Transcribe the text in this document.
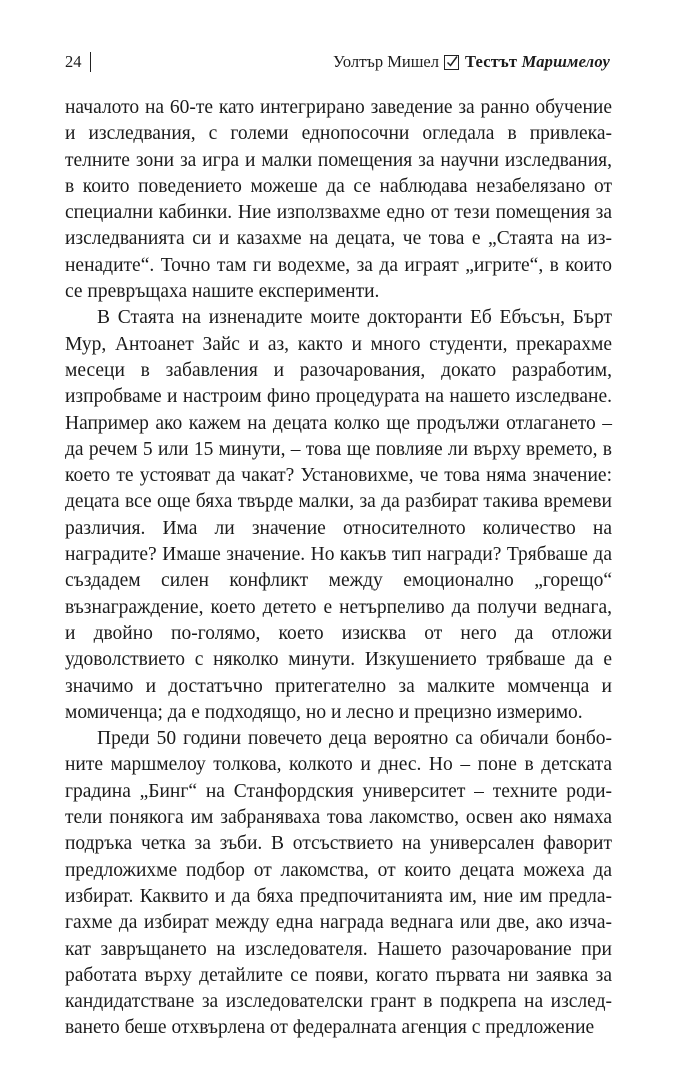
24	Уолтър Мишел Тестът Маршмелоу

началото на 60-те като интегрирано заведение за ранно обучение и изследвания, с големи еднопосочни огледала в привлекателните зони за игра и малки помещения за научни изследвания, в които поведението можеше да се наблюдава незабелязано от специални кабинки. Ние използвахме едно от тези помещения за изследванията си и казахме на децата, че това е „Стаята на изненадите“. Точно там ги водехме, за да играят „игрите“, в които се превръщаха нашите експерименти.

В Стаята на изненадите моите докторанти Еб Ебъсън, Бърт Мур, Антоанет Зайс и аз, както и много студенти, прекарахме месеци в забавления и разочарования, докато разработим, изпробваме и настроим фино процедурата на нашето изследване. Например ако кажем на децата колко ще продължи отлагането – да речем 5 или 15 минути, – това ще повлияе ли върху времето, в което те устояват да чакат? Установихме, че това няма значение: децата все още бяха твърде малки, за да разбират такива времеви различия. Има ли значение относителното количество на наградите? Имаше значение. Но какъв тип награди? Трябваше да създадем силен конфликт между емоционално „горещо“ възнаграждение, което детето е нетърпеливо да получи веднага, и двойно по-голямо, което изисква от него да отложи удоволствието с няколко минути. Изкушението трябваше да е значимо и достатъчно притегателно за малките момченца и момиченца; да е подходящо, но и лесно и прецизно измеримо.

Преди 50 години повечето деца вероятно са обичали бонбоните маршмелоу толкова, колкото и днес. Но – поне в детската градина „Бинг“ на Станфордския университет – техните родители понякога им забраняваха това лакомство, освен ако нямаха подръка четка за зъби. В отсъствието на универсален фаворит предложихме подбор от лакомства, от които децата можеха да избират. Каквито и да бяха предпочитанията им, ние им предлагахме да избират между една награда веднага или две, ако изчакат завръщането на изследователя. Нашето разочарование при работата върху детайлите се появи, когато първата ни заявка за кандидатстване за изследователски грант в подкрепа на изследването беше отхвърлена от федералната агенция с предложение
